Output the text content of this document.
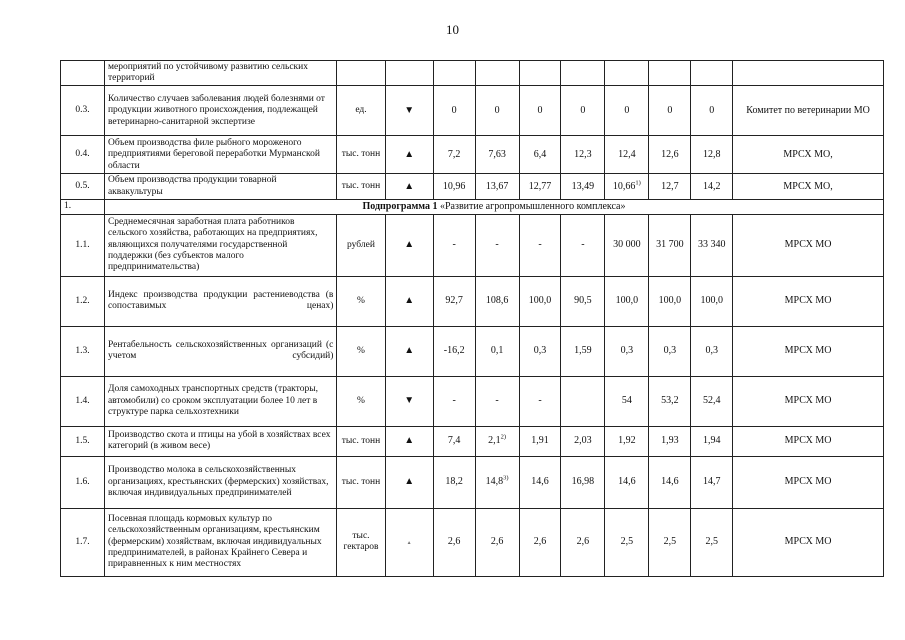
10
	мероприятий по устойчивому развитию сельских территорий										
0.3.	Количество случаев заболевания людей болезнями от продукции животного происхождения, подлежащей ветеринарно-санитарной экспертизе	ед.	▼	0	0	0	0	0	0	0	Комитет по ветеринарии МО
0.4.	Объем производства филе рыбного мороженого предприятиями береговой переработки Мурманской области	тыс. тонн	▲	7,2	7,63	6,4	12,3	12,4	12,6	12,8	МРСХ МО,
0.5.	Объем производства продукции товарной аквакультуры	тыс. тонн	▲	10,96	13,67	12,77	13,49	10,66$^{1)}$	12,7	14,2	МРСХ МО,
1.	Подпрограмма 1 «Развитие агропромышленного комплекса»										
1.1.	Среднемесячная заработная плата работников сельского хозяйства, работающих на предприятиях, являющихся получателями государственной поддержки (без субъектов малого предпринимательства)	рублей	▲	-	-	-	-	30 000	31 700	33 340	МРСХ МО
1.2.	Индекс производства продукции растениеводства (в сопоставимых ценах)	%	▲	92,7	108,6	100,0	90,5	100,0	100,0	100,0	МРСХ МО
1.3.	Рентабельность сельскохозяйственных организаций (с учетом субсидий)	%	▲	-16,2	0,1	0,3	1,59	0,3	0,3	0,3	МРСХ МО
1.4.	Доля самоходных транспортных средств (тракторы, автомобили) со сроком эксплуатации более 10 лет в структуре парка сельхозтехники	%	▼	-	-	-		54	53,2	52,4	МРСХ МО
1.5.	Производство скота и птицы на убой в хозяйствах всех категорий (в живом весе)	тыс. тонн	▲	7,4	2,1$^{2)}$	1,91	2,03	1,92	1,93	1,94	МРСХ МО
1.6.	Производство молока в сельскохозяйственных организациях, крестьянских (фермерских) хозяйствах, включая индивидуальных предпринимателей	тыс. тонн	▲	18,2	14,8$^{3)}$	14,6	16,98	14,6	14,6	14,7	МРСХ МО
1.7.	Посевная площадь кормовых культур по сельскохозяйственным организациям, крестьянским (фермерским) хозяйствам, включая индивидуальных предпринимателей, в районах Крайнего Севера и приравненных к ним местностях	тыс. гектаров	▲	2,6	2,6	2,6	2,6	2,5	2,5	2,5	МРСХ МО
